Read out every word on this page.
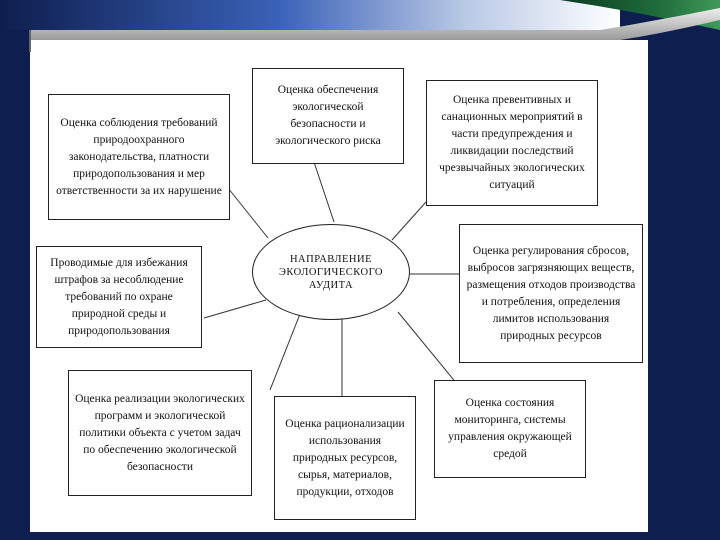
Оценка соблюдения требований природоохранного законодательства, платности природопользования и мер ответственности за их нарушение
Оценка обеспечения экологической безопасности и экологического риска
Оценка превентивных и санационных мероприятий в части предупреждения и ликвидации последствий чрезвычайных экологических ситуаций
Оценка регулирования сбросов, выбросов загрязняющих веществ, размещения отходов производства и потребления, определения лимитов использования природных ресурсов
Оценка состояния мониторинга, системы управления окружающей средой
Оценка рационализации использования природных ресурсов, сырья, материалов, продукции, отходов
Оценка реализации экологических программ и экологической политики объекта с учетом задач по обеспечению экологической безопасности
Проводимые для избежания штрафов за несоблюдение требований по охране природной среды и природопользования
НАПРАВЛЕНИЕ ЭКОЛОГИЧЕСКОГО АУДИТА
